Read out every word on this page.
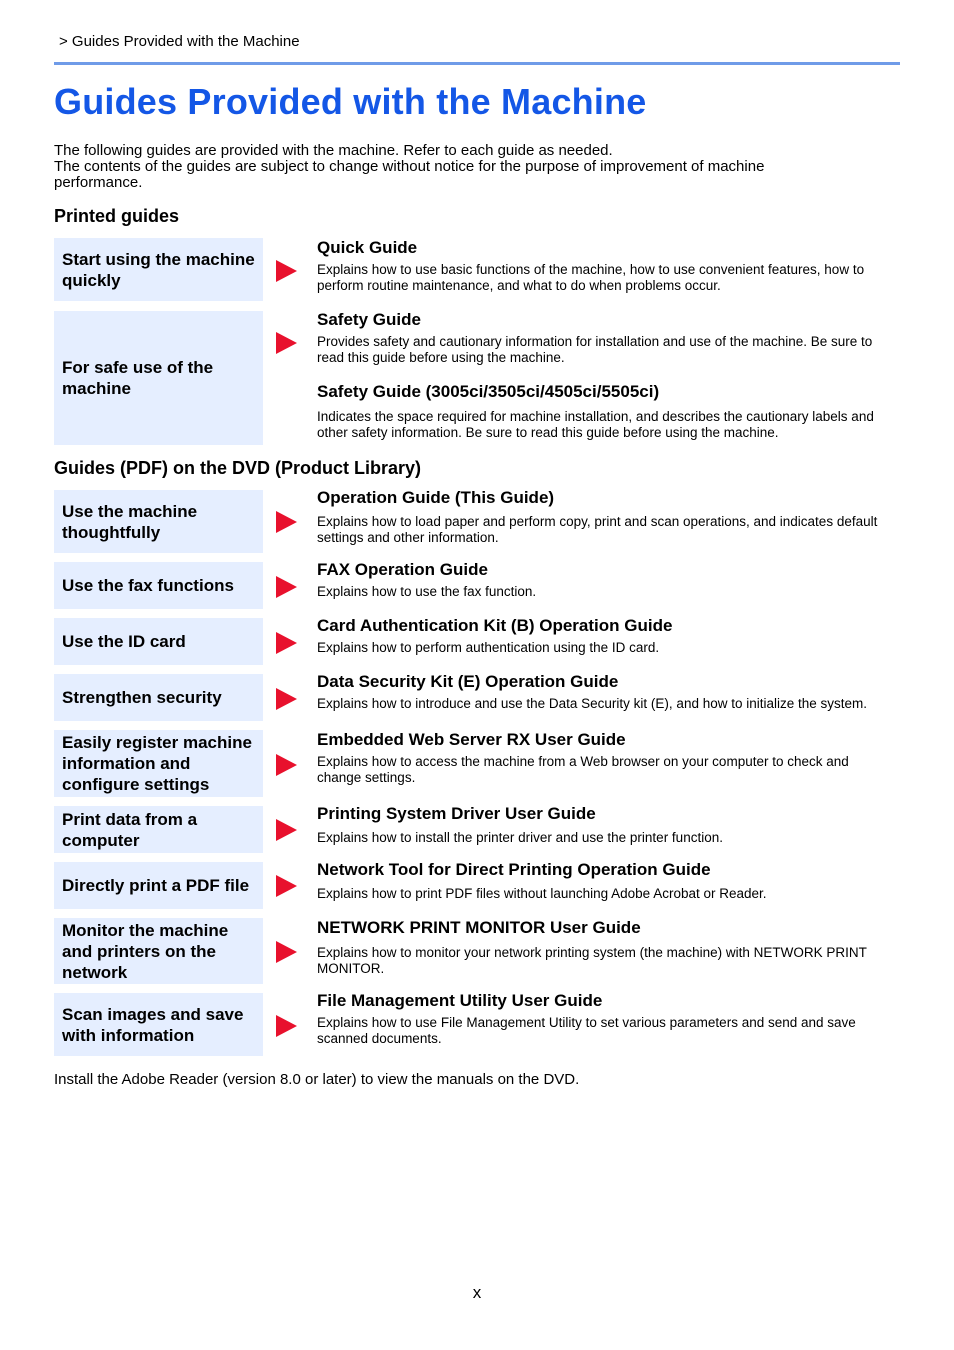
> Guides Provided with the Machine
Guides Provided with the Machine

The following guides are provided with the machine. Refer to each guide as needed.

The contents of the guides are subject to change without notice for the purpose of improvement of machine performance.

Printed guides
Start using the machine quickly
Quick Guide
Explains how to use basic functions of the machine, how to use convenient features, how to perform routine maintenance, and what to do when problems occur.
For safe use of the machine
Safety Guide
Provides safety and cautionary information for installation and use of the machine. Be sure to read this guide before using the machine.
Safety Guide (3005ci/3505ci/4505ci/5505ci)
Indicates the space required for machine installation, and describes the cautionary labels and other safety information. Be sure to read this guide before using the machine.
Guides (PDF) on the DVD (Product Library)
Use the machine thoughtfully
Operation Guide (This Guide)
Explains how to load paper and perform copy, print and scan operations, and indicates default settings and other information.
Use the fax functions
FAX Operation Guide
Explains how to use the fax function.
Use the ID card
Card Authentication Kit (B) Operation Guide
Explains how to perform authentication using the ID card.
Strengthen security
Data Security Kit (E) Operation Guide
Explains how to introduce and use the Data Security kit (E), and how to initialize the system.
Easily register machine information and configure settings
Embedded Web Server RX User Guide
Explains how to access the machine from a Web browser on your computer to check and change settings.
Print data from a computer
Printing System Driver User Guide
Explains how to install the printer driver and use the printer function.
Directly print a PDF file
Network Tool for Direct Printing Operation Guide
Explains how to print PDF files without launching Adobe Acrobat or Reader.
Monitor the machine and printers on the network
NETWORK PRINT MONITOR User Guide
Explains how to monitor your network printing system (the machine) with NETWORK PRINT MONITOR.
Scan images and save with information
File Management Utility User Guide
Explains how to use File Management Utility to set various parameters and send and save scanned documents.
Install the Adobe Reader (version 8.0 or later) to view the manuals on the DVD.
x
